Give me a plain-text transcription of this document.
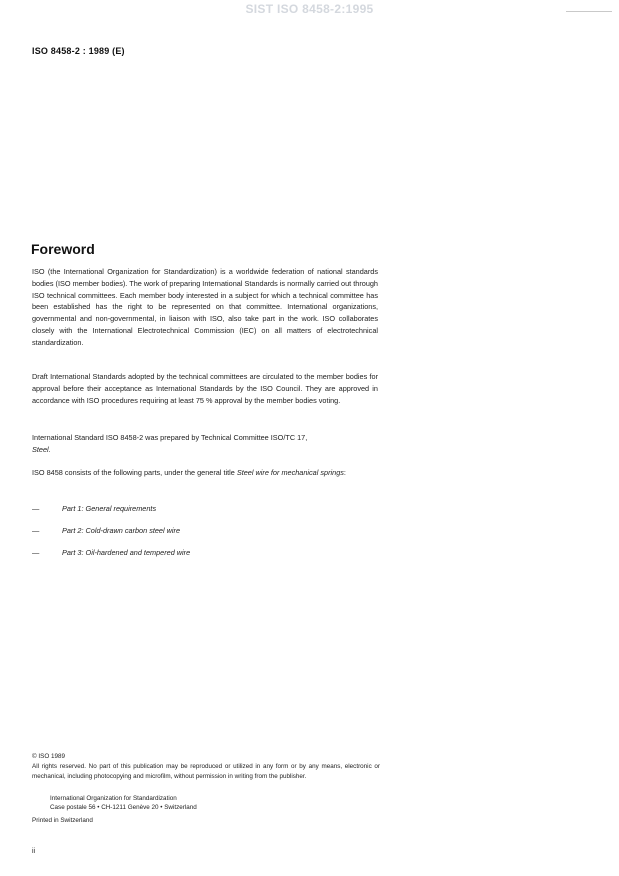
SIST ISO 8458-2:1995
ISO 8458-2 : 1989 (E)
Foreword
ISO (the International Organization for Standardization) is a worldwide federation of national standards bodies (ISO member bodies). The work of preparing International Standards is normally carried out through ISO technical committees. Each member body interested in a subject for which a technical committee has been established has the right to be represented on that committee. International organizations, governmental and non-governmental, in liaison with ISO, also take part in the work. ISO collaborates closely with the International Electrotechnical Commission (IEC) on all matters of electrotechnical standardization.
Draft International Standards adopted by the technical committees are circulated to the member bodies for approval before their acceptance as International Standards by the ISO Council. They are approved in accordance with ISO procedures requiring at least 75 % approval by the member bodies voting.
International Standard ISO 8458-2 was prepared by Technical Committee ISO/TC 17,
Steel.
ISO 8458 consists of the following parts, under the general title Steel wire for mechanical springs:
—	Part 1: General requirements
—	Part 2: Cold-drawn carbon steel wire
—	Part 3: Oil-hardened and tempered wire
© ISO 1989
All rights reserved. No part of this publication may be reproduced or utilized in any form or by any means, electronic or mechanical, including photocopying and microfilm, without permission in writing from the publisher.
International Organization for Standardization
Case postale 56 • CH-1211 Genève 20 • Switzerland
Printed in Switzerland
ii
